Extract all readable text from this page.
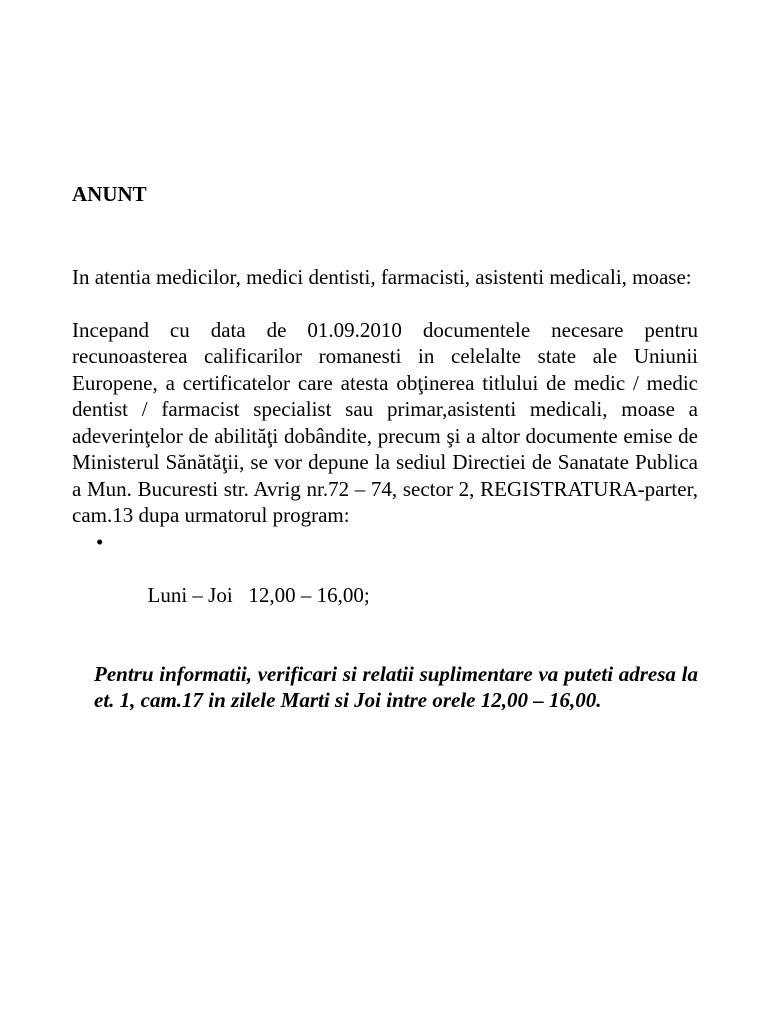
ANUNT

In atentia medicilor, medici dentisti, farmacisti, asistenti medicali, moase:

Incepand cu data de 01.09.2010 documentele necesare pentru recunoasterea calificarilor romanesti in celelalte state ale Uniunii Europene, a certificatelor care atesta obţinerea titlului de medic / medic dentist / farmacist specialist sau primar,asistenti medicali, moase a adeverinţelor de abilităţi dobândite, precum şi a altor documente emise de Ministerul Sănătăţii, se vor depune la sediul Directiei de Sanatate Publica a Mun. Bucuresti str. Avrig nr.72 – 74, sector 2, REGISTRATURA-parter, cam.13 dupa urmatorul program:

•

Luni – Joi   12,00 – 16,00;

Pentru informatii, verificari si relatii suplimentare va puteti adresa la et. 1, cam.17 in zilele Marti si Joi intre orele 12,00 – 16,00.
